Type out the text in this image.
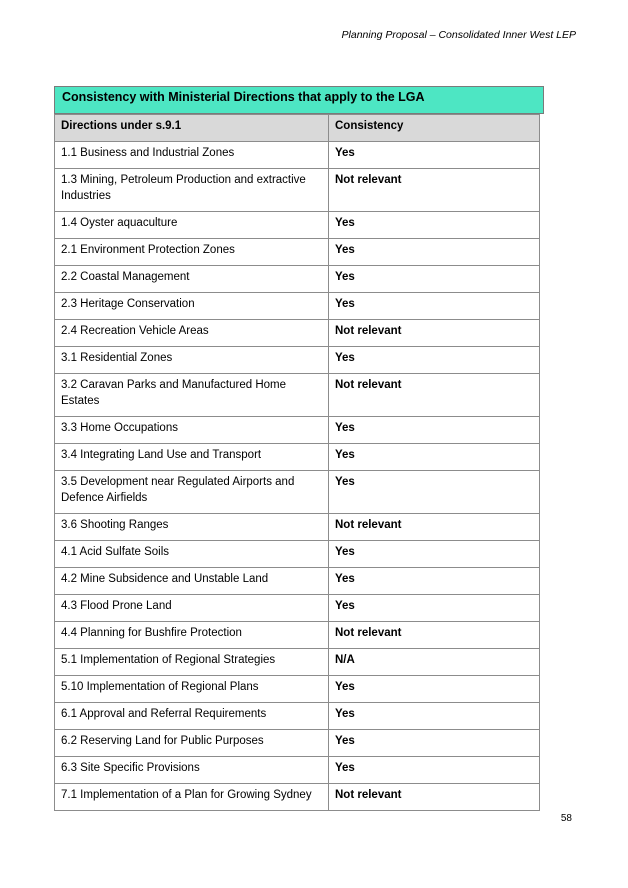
Planning Proposal – Consolidated Inner West LEP
Consistency with Ministerial Directions that apply to the LGA
Directions under s.9.1	Consistency
1.1 Business and Industrial Zones	Yes
1.3 Mining, Petroleum Production and extractive Industries	Not relevant
1.4 Oyster aquaculture	Yes
2.1 Environment Protection Zones	Yes
2.2 Coastal Management	Yes
2.3 Heritage Conservation	Yes
2.4 Recreation Vehicle Areas	Not relevant
3.1 Residential Zones	Yes
3.2 Caravan Parks and Manufactured Home Estates	Not relevant
3.3 Home Occupations	Yes
3.4 Integrating Land Use and Transport	Yes
3.5 Development near Regulated Airports and Defence Airfields	Yes
3.6 Shooting Ranges	Not relevant
4.1 Acid Sulfate Soils	Yes
4.2 Mine Subsidence and Unstable Land	Yes
4.3 Flood Prone Land	Yes
4.4 Planning for Bushfire Protection	Not relevant
5.1 Implementation of Regional Strategies	N/A
5.10 Implementation of Regional Plans	Yes
6.1 Approval and Referral Requirements	Yes
6.2 Reserving Land for Public Purposes	Yes
6.3 Site Specific Provisions	Yes
7.1 Implementation of a Plan for Growing Sydney	Not relevant
58
